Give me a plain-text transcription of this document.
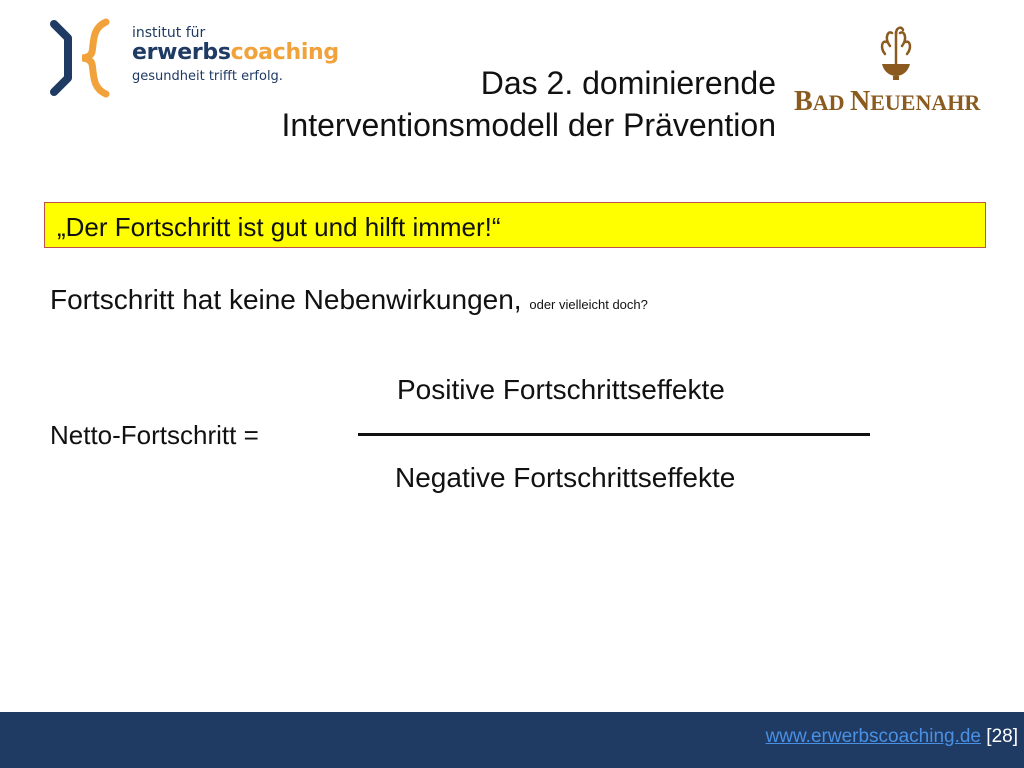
institut für
erwerbscoaching
gesundheit trifft erfolg.	Das 2. dominierende
Interventionsmodell der Prävention
BAD NEUENAHR
„Der Fortschritt ist gut und hilft immer!“
Fortschritt hat keine Nebenwirkungen, oder vielleicht doch?
Netto-Fortschritt =
Positive Fortschrittseffekte
Negative Fortschrittseffekte
www.erwerbscoaching.de [28]
